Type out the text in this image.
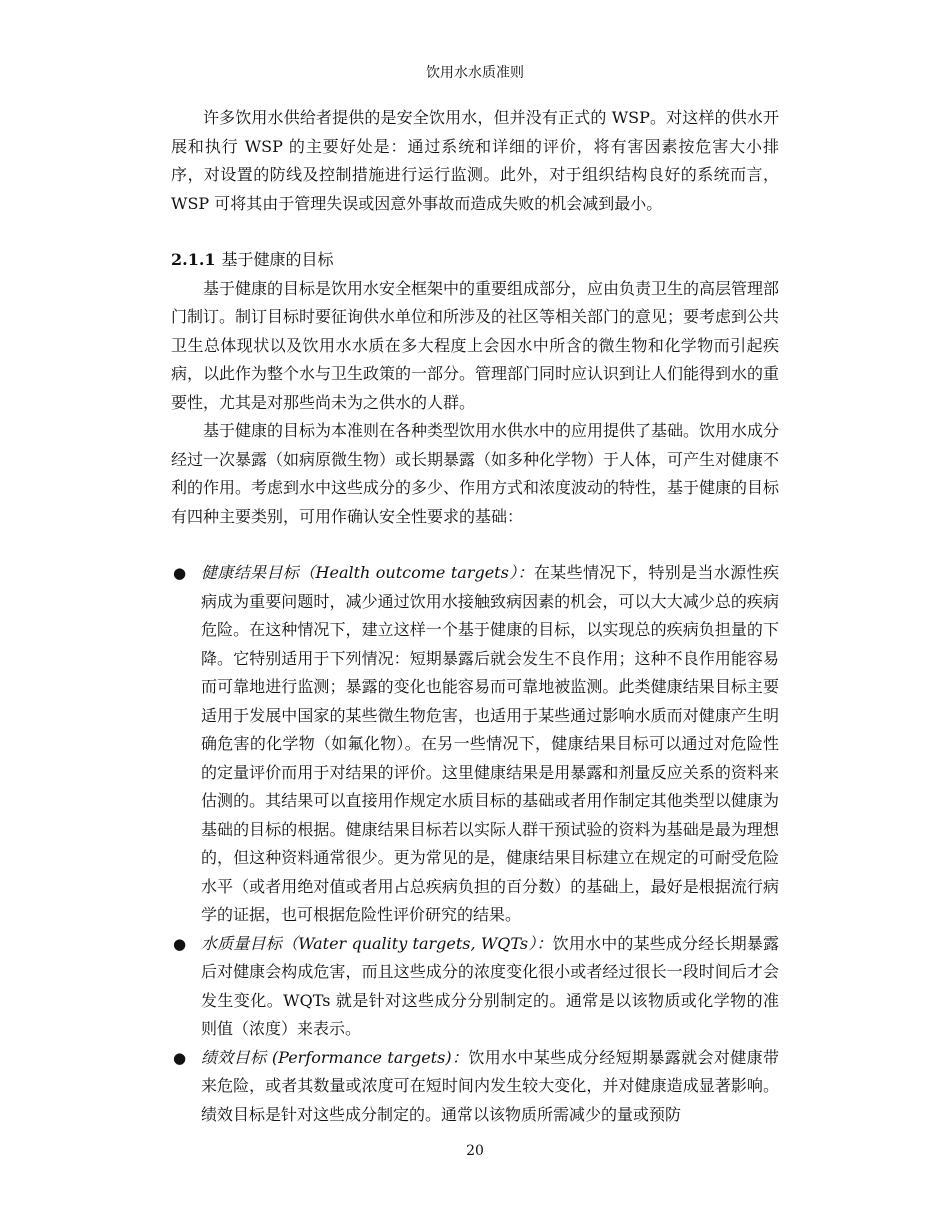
饮用水水质准则

许多饮用水供给者提供的是安全饮用水，但并没有正式的 WSP。对这样的供水开展和执行 WSP 的主要好处是：通过系统和详细的评价，将有害因素按危害大小排序，对设置的防线及控制措施进行运行监测。此外，对于组织结构良好的系统而言，WSP 可将其由于管理失误或因意外事故而造成失败的机会减到最小。

2.1.1 基于健康的目标

基于健康的目标是饮用水安全框架中的重要组成部分，应由负责卫生的高层管理部门制订。制订目标时要征询供水单位和所涉及的社区等相关部门的意见；要考虑到公共卫生总体现状以及饮用水水质在多大程度上会因水中所含的微生物和化学物而引起疾病，以此作为整个水与卫生政策的一部分。管理部门同时应认识到让人们能得到水的重要性，尤其是对那些尚未为之供水的人群。

基于健康的目标为本准则在各种类型饮用水供水中的应用提供了基础。饮用水成分经过一次暴露（如病原微生物）或长期暴露（如多种化学物）于人体，可产生对健康不利的作用。考虑到水中这些成分的多少、作用方式和浓度波动的特性，基于健康的目标有四种主要类别，可用作确认安全性要求的基础：

● 健康结果目标（Health outcome targets）：在某些情况下，特别是当水源性疾病成为重要问题时，减少通过饮用水接触致病因素的机会，可以大大减少总的疾病危险。在这种情况下，建立这样一个基于健康的目标，以实现总的疾病负担量的下降。它特别适用于下列情况：短期暴露后就会发生不良作用；这种不良作用能容易而可靠地进行监测；暴露的变化也能容易而可靠地被监测。此类健康结果目标主要适用于发展中国家的某些微生物危害，也适用于某些通过影响水质而对健康产生明确危害的化学物（如氟化物）。在另一些情况下，健康结果目标可以通过对危险性的定量评价而用于对结果的评价。这里健康结果是用暴露和剂量反应关系的资料来估测的。其结果可以直接用作规定水质目标的基础或者用作制定其他类型以健康为基础的目标的根据。健康结果目标若以实际人群干预试验的资料为基础是最为理想的，但这种资料通常很少。更为常见的是，健康结果目标建立在规定的可耐受危险水平（或者用绝对值或者用占总疾病负担的百分数）的基础上，最好是根据流行病学的证据，也可根据危险性评价研究的结果。
● 水质量目标（Water quality targets, WQTs）：饮用水中的某些成分经长期暴露后对健康会构成危害，而且这些成分的浓度变化很小或者经过很长一段时间后才会发生变化。WQTs 就是针对这些成分分别制定的。通常是以该物质或化学物的准则值（浓度）来表示。
● 绩效目标 (Performance targets)：饮用水中某些成分经短期暴露就会对健康带来危险，或者其数量或浓度可在短时间内发生较大变化，并对健康造成显著影响。绩效目标是针对这些成分制定的。通常以该物质所需减少的量或预防
20
